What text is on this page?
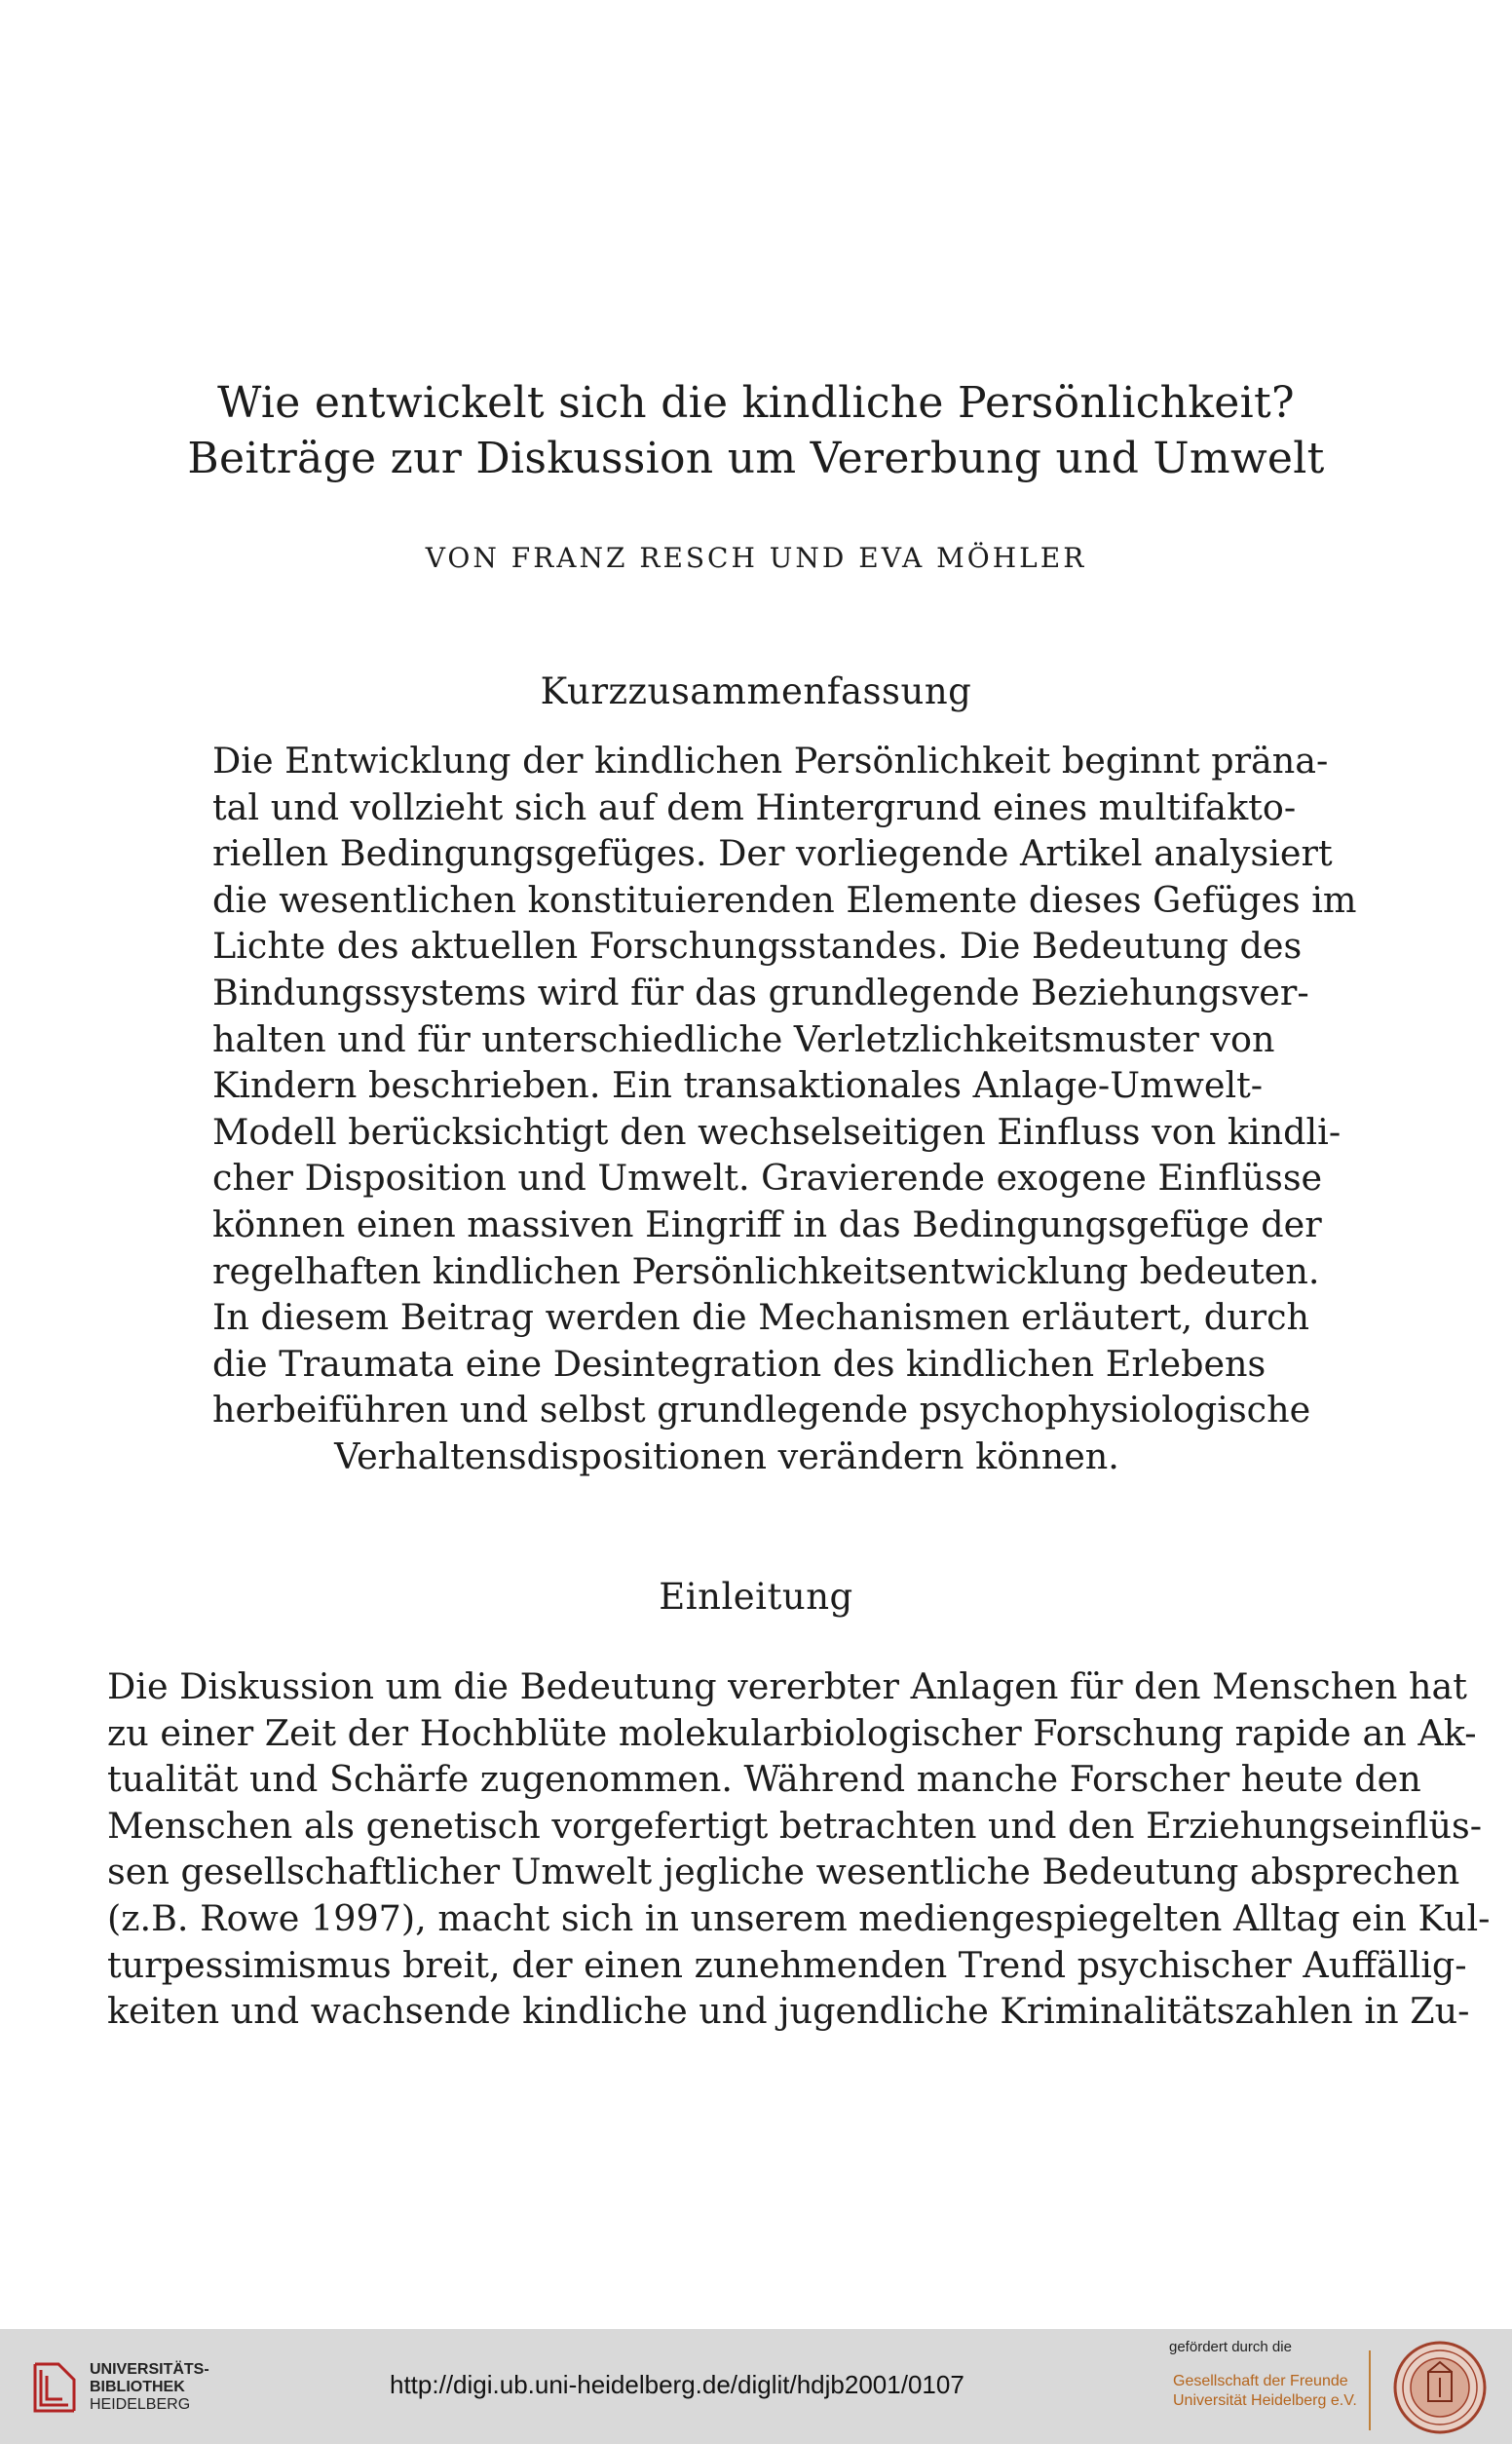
Wie entwickelt sich die kindliche Persönlichkeit?
Beiträge zur Diskussion um Vererbung und Umwelt
VON FRANZ RESCH UND EVA MÖHLER
Kurzzusammenfassung
Die Entwicklung der kindlichen Persönlichkeit beginnt präna-
tal und vollzieht sich auf dem Hintergrund eines multifakto-
riellen Bedingungsgefüges. Der vorliegende Artikel analysiert
die wesentlichen konstituierenden Elemente dieses Gefüges im
Lichte des aktuellen Forschungsstandes. Die Bedeutung des
Bindungssystems wird für das grundlegende Beziehungsver-
halten und für unterschiedliche Verletzlichkeitsmuster von
Kindern beschrieben. Ein transaktionales Anlage-Umwelt-
Modell berücksichtigt den wechselseitigen Einfluss von kindli-
cher Disposition und Umwelt. Gravierende exogene Einflüsse
können einen massiven Eingriff in das Bedingungsgefüge der
regelhaften kindlichen Persönlichkeitsentwicklung bedeuten.
In diesem Beitrag werden die Mechanismen erläutert, durch
die Traumata eine Desintegration des kindlichen Erlebens
herbeiführen und selbst grundlegende psychophysiologische
Verhaltensdispositionen verändern können.
Einleitung
Die Diskussion um die Bedeutung vererbter Anlagen für den Menschen hat
zu einer Zeit der Hochblüte molekularbiologischer Forschung rapide an Ak-
tualität und Schärfe zugenommen. Während manche Forscher heute den
Menschen als genetisch vorgefertigt betrachten und den Erziehungseinflüs-
sen gesellschaftlicher Umwelt jegliche wesentliche Bedeutung absprechen
(z.B. Rowe 1997), macht sich in unserem mediengespiegelten Alltag ein Kul-
turpessimismus breit, der einen zunehmenden Trend psychischer Auffällig-
keiten und wachsende kindliche und jugendliche Kriminalitätszahlen in Zu-
UNIVERSITÄTS-
BIBLIOTHEK
HEIDELBERG
http://digi.ub.uni-heidelberg.de/diglit/hdjb2001/0107
gefördert durch die
Gesellschaft der Freunde
Universität Heidelberg e.V.
